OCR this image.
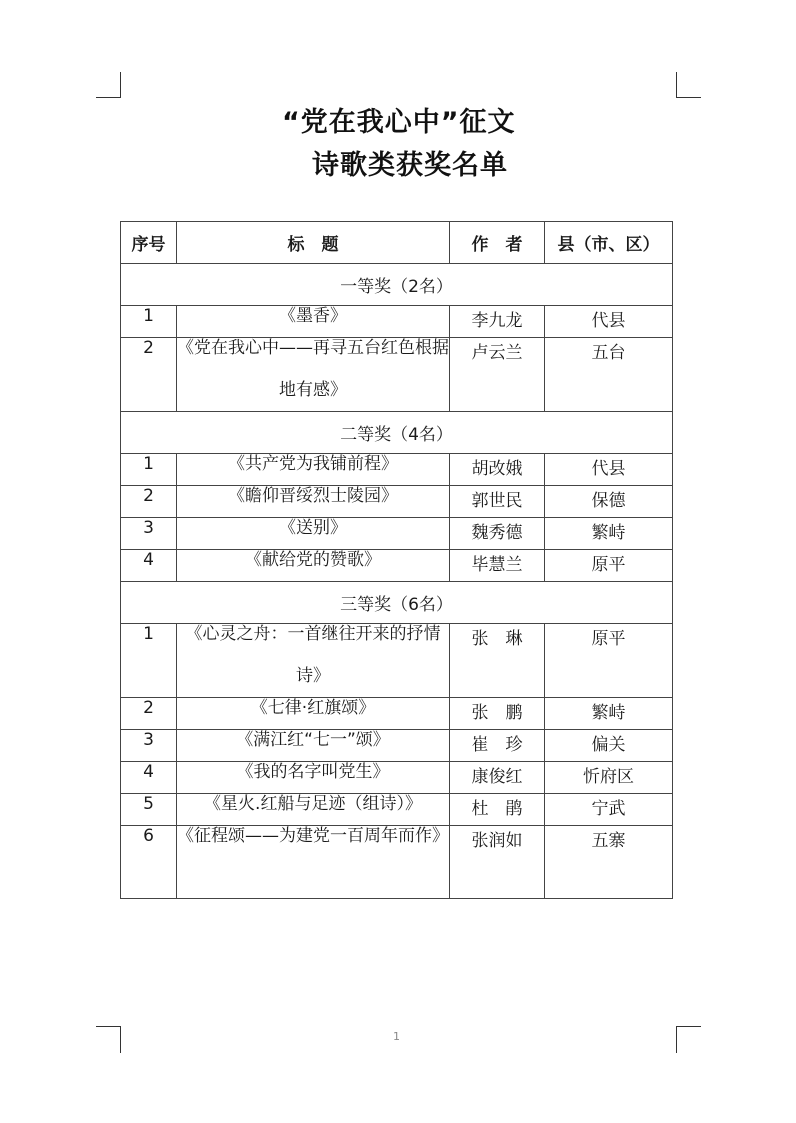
“党在我心中”征文
诗歌类获奖名单
序号	标　题	作　者	县（市、区）
一等奖（2名）			
1	《墨香》	李九龙	代县
2	《党在我心中——再寻五台红色根据地有感》	卢云兰	五台
二等奖（4名）			
1	《共产党为我铺前程》	胡改娥	代县
2	《瞻仰晋绥烈士陵园》	郭世民	保德
3	《送别》	魏秀德	繁峙
4	《献给党的赞歌》	毕慧兰	原平
三等奖（6名）			
1	《心灵之舟：一首继往开来的抒情诗》	张　琳	原平
2	《七律·红旗颂》	张　鹏	繁峙
3	《满江红“七一”颂》	崔　珍	偏关
4	《我的名字叫党生》	康俊红	忻府区
5	《星火.红船与足迹（组诗）》	杜　鹃	宁武
6	《征程颂——为建党一百周年而作》	张润如	五寨
1
